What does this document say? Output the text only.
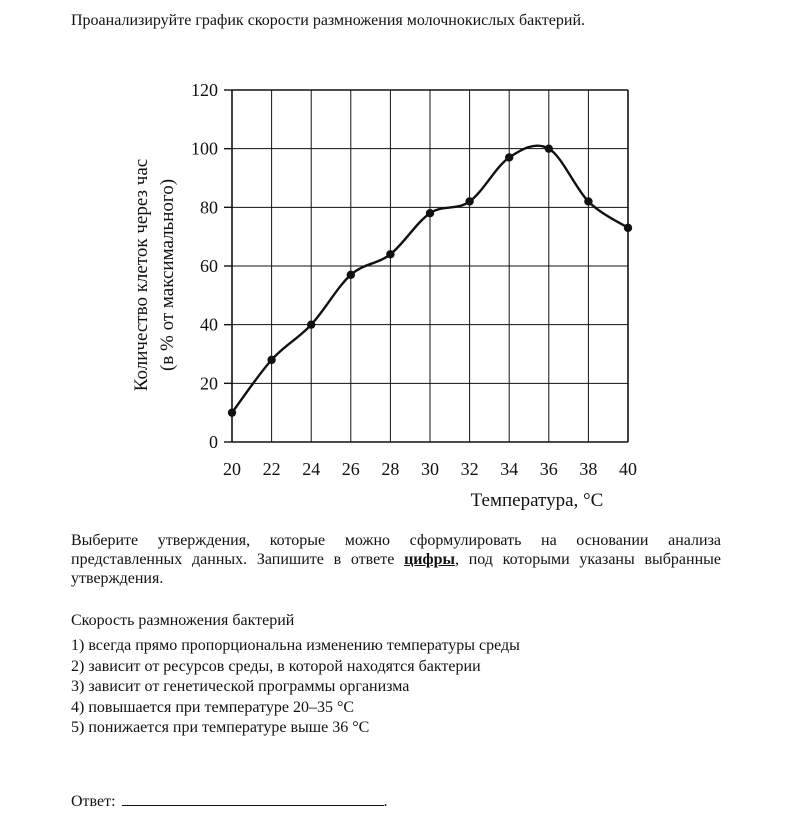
Проанализируйте график скорости размножения молочнокислых бактерий.
20 22 24 26 28 30 32 34 36 38 40
0
20
40
60
80
100
120
Температура, °C
Количество клеток через час (в % от максимального)
Выберите утверждения, которые можно сформулировать на основании анализа представленных данных. Запишите в ответе цифры, под которыми указаны выбранные утверждения.
Скорость размножения бактерий
1) всегда прямо пропорциональна изменению температуры среды
2) зависит от ресурсов среды, в которой находятся бактерии
3) зависит от генетической программы организма
4) повышается при температуре 20–35 °C
5) понижается при температуре выше 36 °C
Ответ:	.
